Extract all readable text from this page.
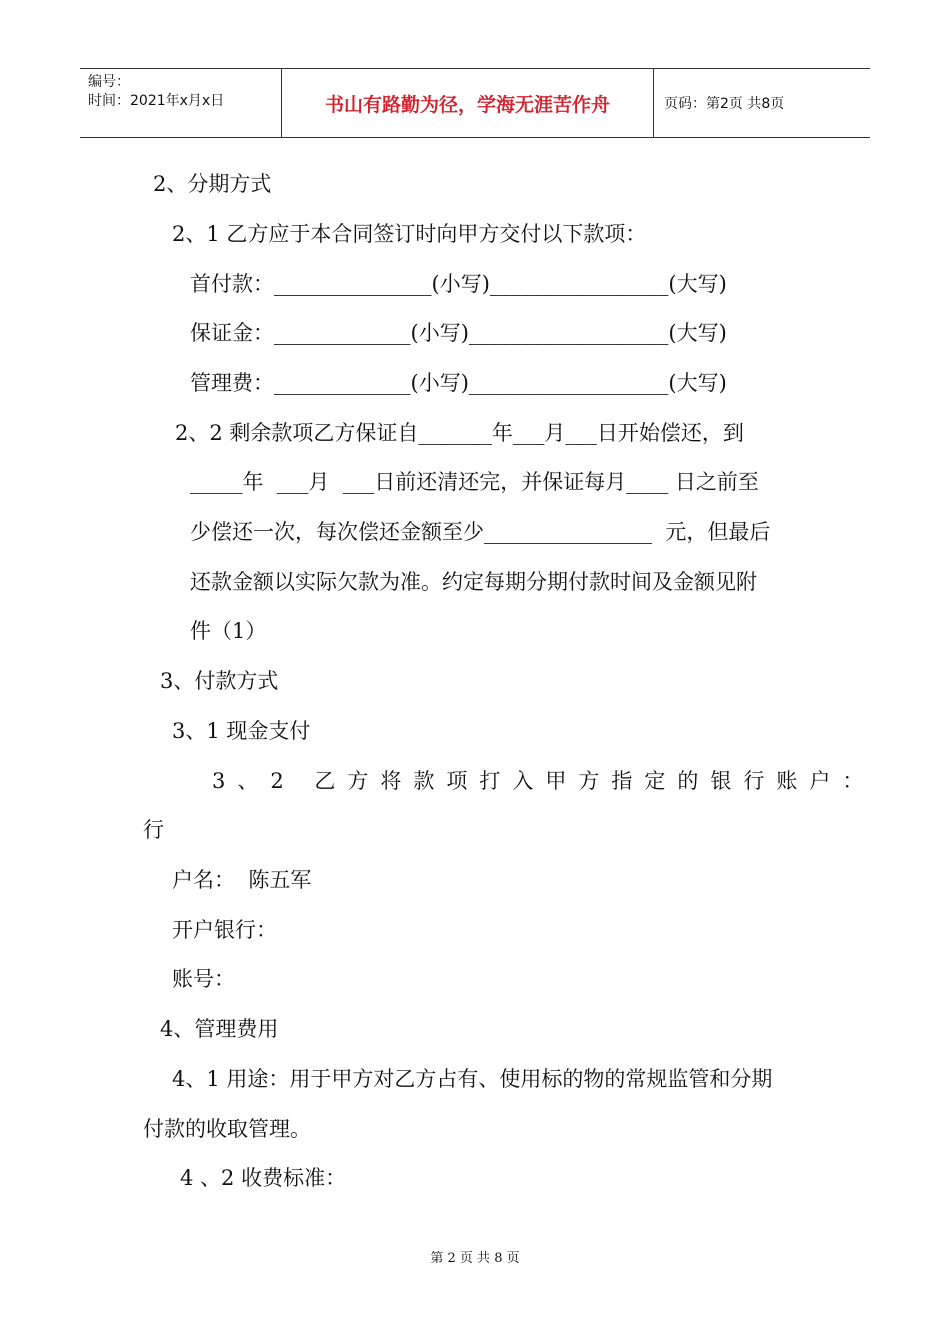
编号：
时间：2021年x月x日	书山有路勤为径，学海无涯苦作舟	页码：第2页 共8页
2、分期方式
2、1 乙方应于本合同签订时向甲方交付以下款项：
首付款：_______________(小写)_________________(大写)
保证金：_____________(小写)___________________(大写)
管理费：_____________(小写)___________________(大写)
2、2 剩余款项乙方保证自_______年___月___日开始偿还，到
_____年  ___月  ___日前还清还完，并保证每月____ 日之前至
少偿还一次，每次偿还金额至少________________  元，但最后
还款金额以实际欠款为准。约定每期分期付款时间及金额见附
件（1）
3、付款方式
3、1 现金支付
3、2 乙方将款项打入甲方指定的银行账户：
行
户名：  陈五军
开户银行：
账号：
4、管理费用
4、1 用途：用于甲方对乙方占有、使用标的物的常规监管和分期
付款的收取管理。
4 、2 收费标准：
第 2 页 共 8 页
